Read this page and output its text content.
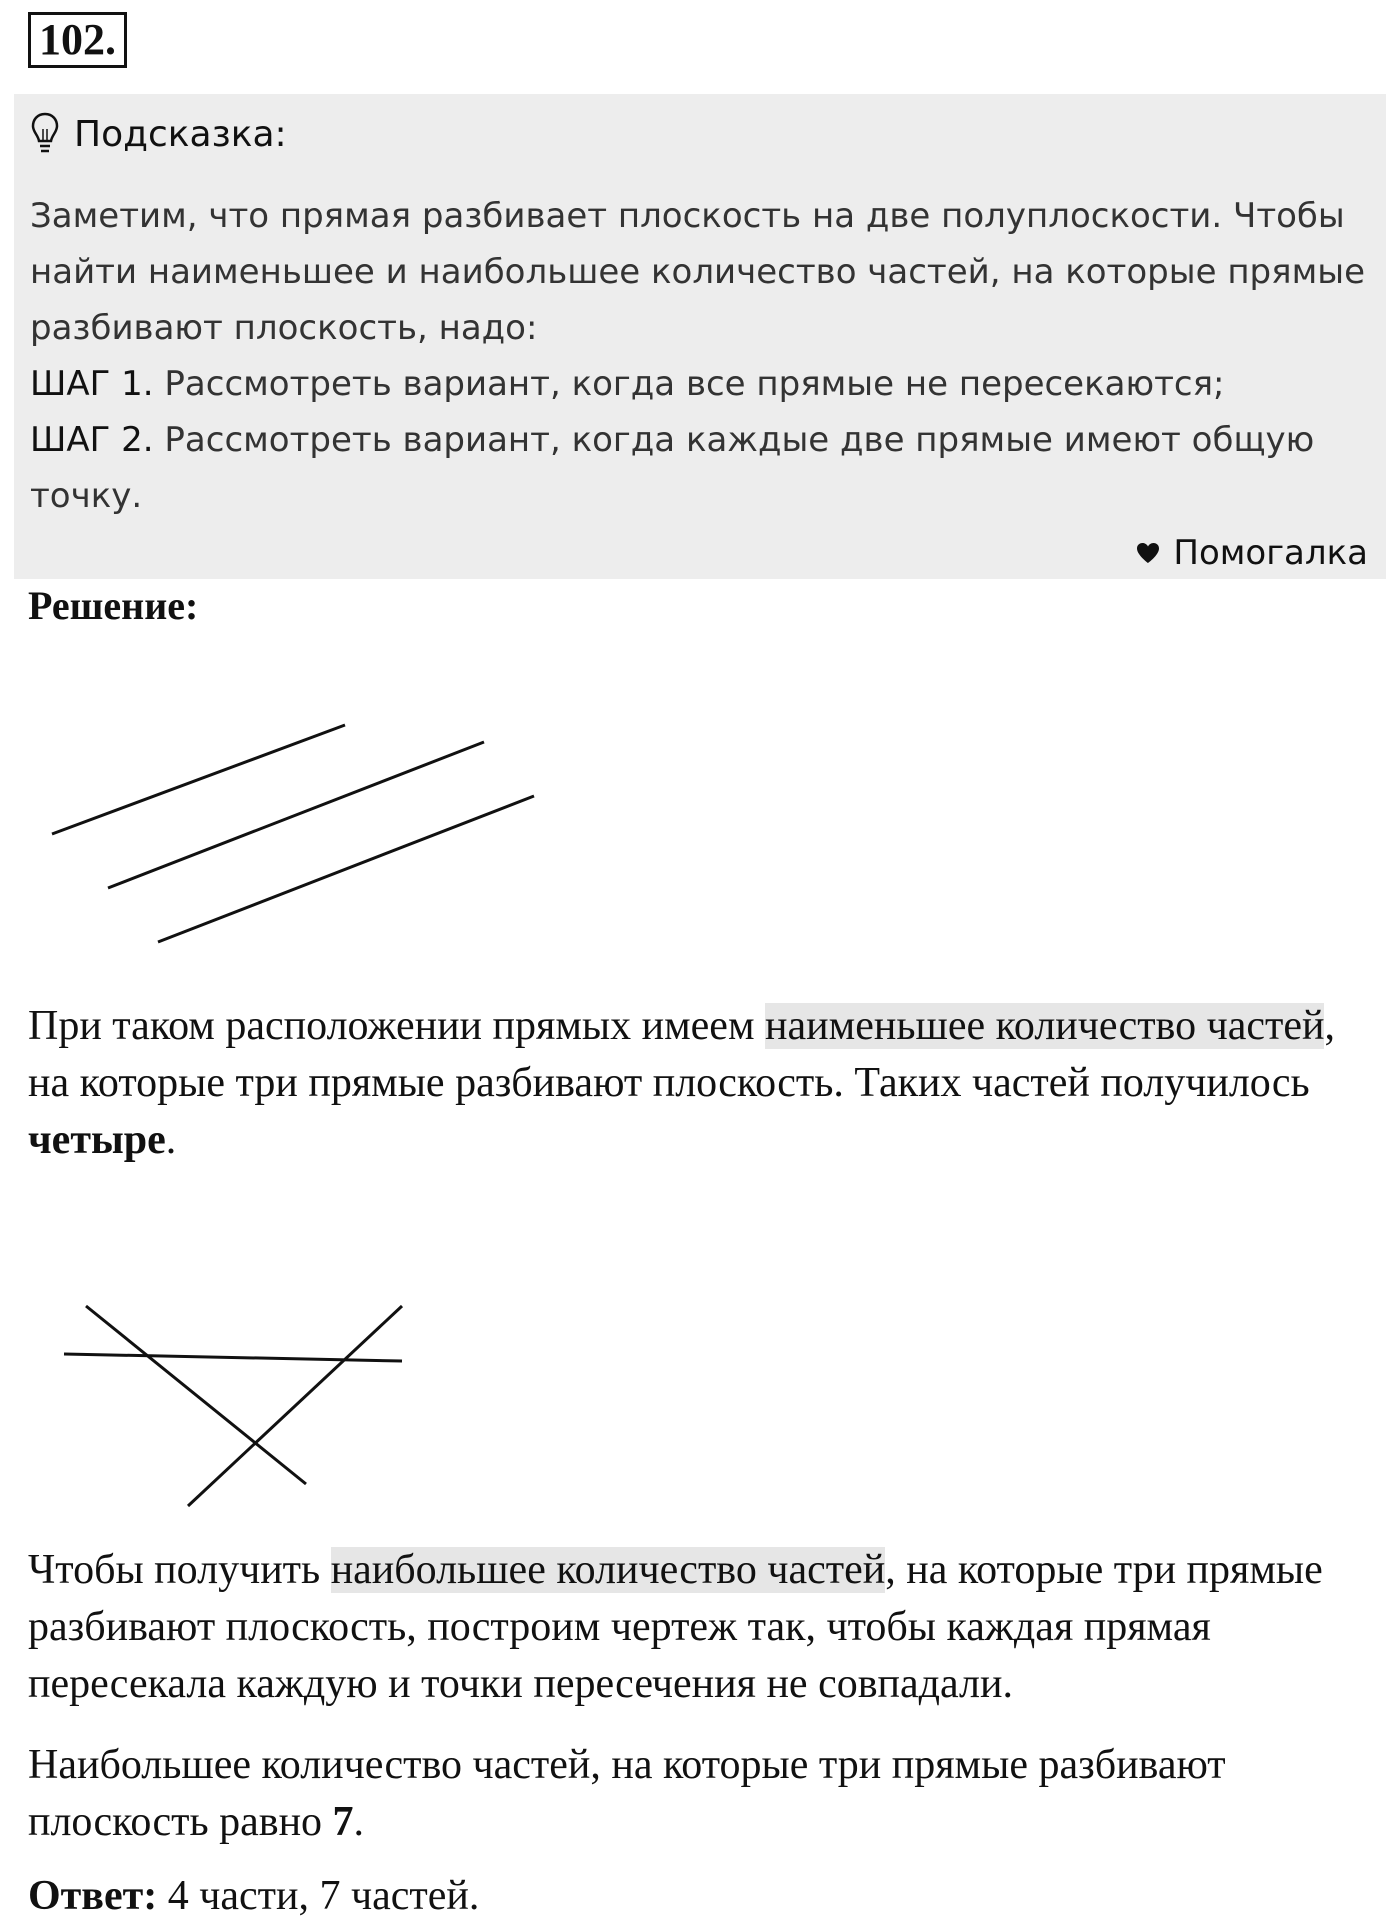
102.
Подсказка:
Заметим, что прямая разбивает плоскость на две полуплоскости. Чтобы найти наименьшее и наибольшее количество частей, на которые прямые разбивают плоскость, надо:
ШАГ 1. Рассмотреть вариант, когда все прямые не пересекаются;
ШАГ 2. Рассмотреть вариант, когда каждые две прямые имеют общую точку.
Помогалка
Решение:
При таком расположении прямых имеем наименьшее количество частей, на которые три прямые разбивают плоскость. Таких частей получилось четыре.
Чтобы получить наибольшее количество частей, на которые три прямые разбивают плоскость, построим чертеж так, чтобы каждая прямая пересекала каждую и точки пересечения не совпадали.
Наибольшее количество частей, на которые три прямые разбивают плоскость равно 7.
Ответ: 4 части, 7 частей.
